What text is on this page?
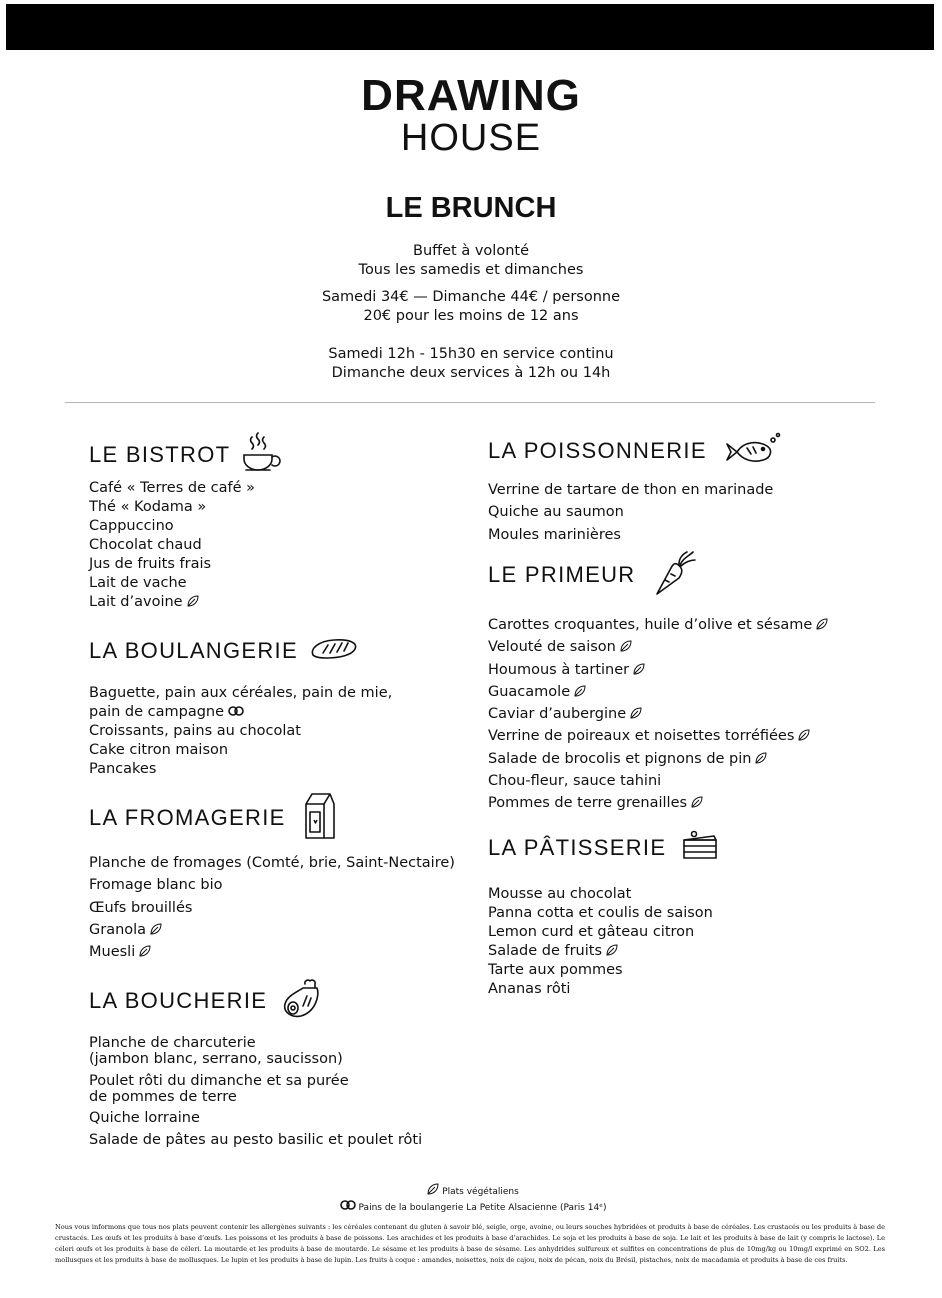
DRAWING
HOUSE
LE BRUNCH
Buffet à volonté
Tous les samedis et dimanches
Samedi 34€ — Dimanche 44€ / personne
20€ pour les moins de 12 ans
Samedi 12h - 15h30 en service continu
Dimanche deux services à 12h ou 14h
LE BISTROT
Café « Terres de café »
Thé « Kodama »
Cappuccino
Chocolat chaud
Jus de fruits frais
Lait de vache
Lait d’avoine
LA BOULANGERIE
Baguette, pain aux céréales, pain de mie,
pain de campagne
Croissants, pains au chocolat
Cake citron maison
Pancakes
LA FROMAGERIE
Planche de fromages (Comté, brie, Saint-Nectaire)
Fromage blanc bio
Œufs brouillés
Granola
Muesli
LA BOUCHERIE
Planche de charcuterie
(jambon blanc, serrano, saucisson)
Poulet rôti du dimanche et sa purée
de pommes de terre
Quiche lorraine
Salade de pâtes au pesto basilic et poulet rôti
LA POISSONNERIE
Verrine de tartare de thon en marinade
Quiche au saumon
Moules marinières
LE PRIMEUR
Carottes croquantes, huile d’olive et sésame
Velouté de saison
Houmous à tartiner
Guacamole
Caviar d’aubergine
Verrine de poireaux et noisettes torréfiées
Salade de brocolis et pignons de pin
Chou-fleur, sauce tahini
Pommes de terre grenailles
LA PÂTISSERIE
Mousse au chocolat
Panna cotta et coulis de saison
Lemon curd et gâteau citron
Salade de fruits
Tarte aux pommes
Ananas rôti
Plats végétaliens
Pains de la boulangerie La Petite Alsacienne (Paris 14ᵉ)
Nous vous informons que tous nos plats peuvent contenir les allergènes suivants : les céréales contenant du gluten à savoir blé, seigle, orge, avoine, ou leurs souches hybridées et produits à base de céréales. Les crustacés ou les produits à base de crustacés. Les œufs et les produits à base d’œufs. Les poissons et les produits à base de poissons. Les arachides et les produits à base d’arachides. Le soja et les produits à base de soja. Le lait et les produits à base de lait (y compris le lactose). Le céleri œufs et les produits à base de céleri. La moutarde et les produits à base de moutarde. Le sésame et les produits à base de sésame. Les anhydrides sulfureux et sulfites en concentrations de plus de 10mg/kg ou 10mg/l exprimé en SO2. Les mollusques et les produits à base de mollusques. Le lupin et les produits à base de lupin. Les fruits à coque : amandes, noisettes, noix de cajou, noix de pécan, noix du Brésil, pistaches, noix de macadamia et produits à base de ces fruits.
